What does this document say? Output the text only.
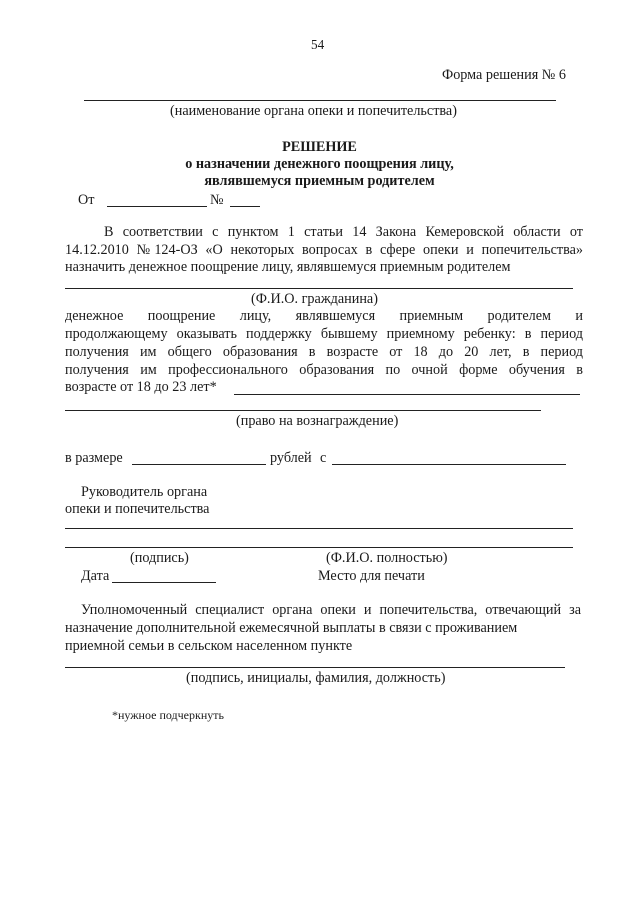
54
Форма решения № 6
(наименование органа опеки и попечительства)
РЕШЕНИЕ
о назначении денежного поощрения лицу,
являвшемуся приемным родителем
От	№
В соответствии с пунктом 1 статьи 14 Закона Кемеровской области от
14.12.2010 №124-ОЗ «О некоторых вопросах в сфере опеки и попечительства»
назначить денежное поощрение лицу, являвшемуся приемным родителем
(Ф.И.О. гражданина)
денежное поощрение лицу, являвшемуся приемным родителем и
продолжающему оказывать поддержку бывшему приемному ребенку: в период
получения им общего образования в возрасте от 18 до 20 лет, в период
получения им профессионального образования по очной форме обучения в
возрасте от 18 до 23 лет*
(право на вознаграждение)
в размере	рублей с
Руководитель органа
опеки и попечительства
(подпись)	(Ф.И.О. полностью)
Дата	Место для печати
Уполномоченный специалист органа опеки и попечительства, отвечающий за
назначение дополнительной ежемесячной выплаты в связи с проживанием
приемной семьи в сельском населенном пункте
(подпись, инициалы, фамилия, должность)
*нужное подчеркнуть
